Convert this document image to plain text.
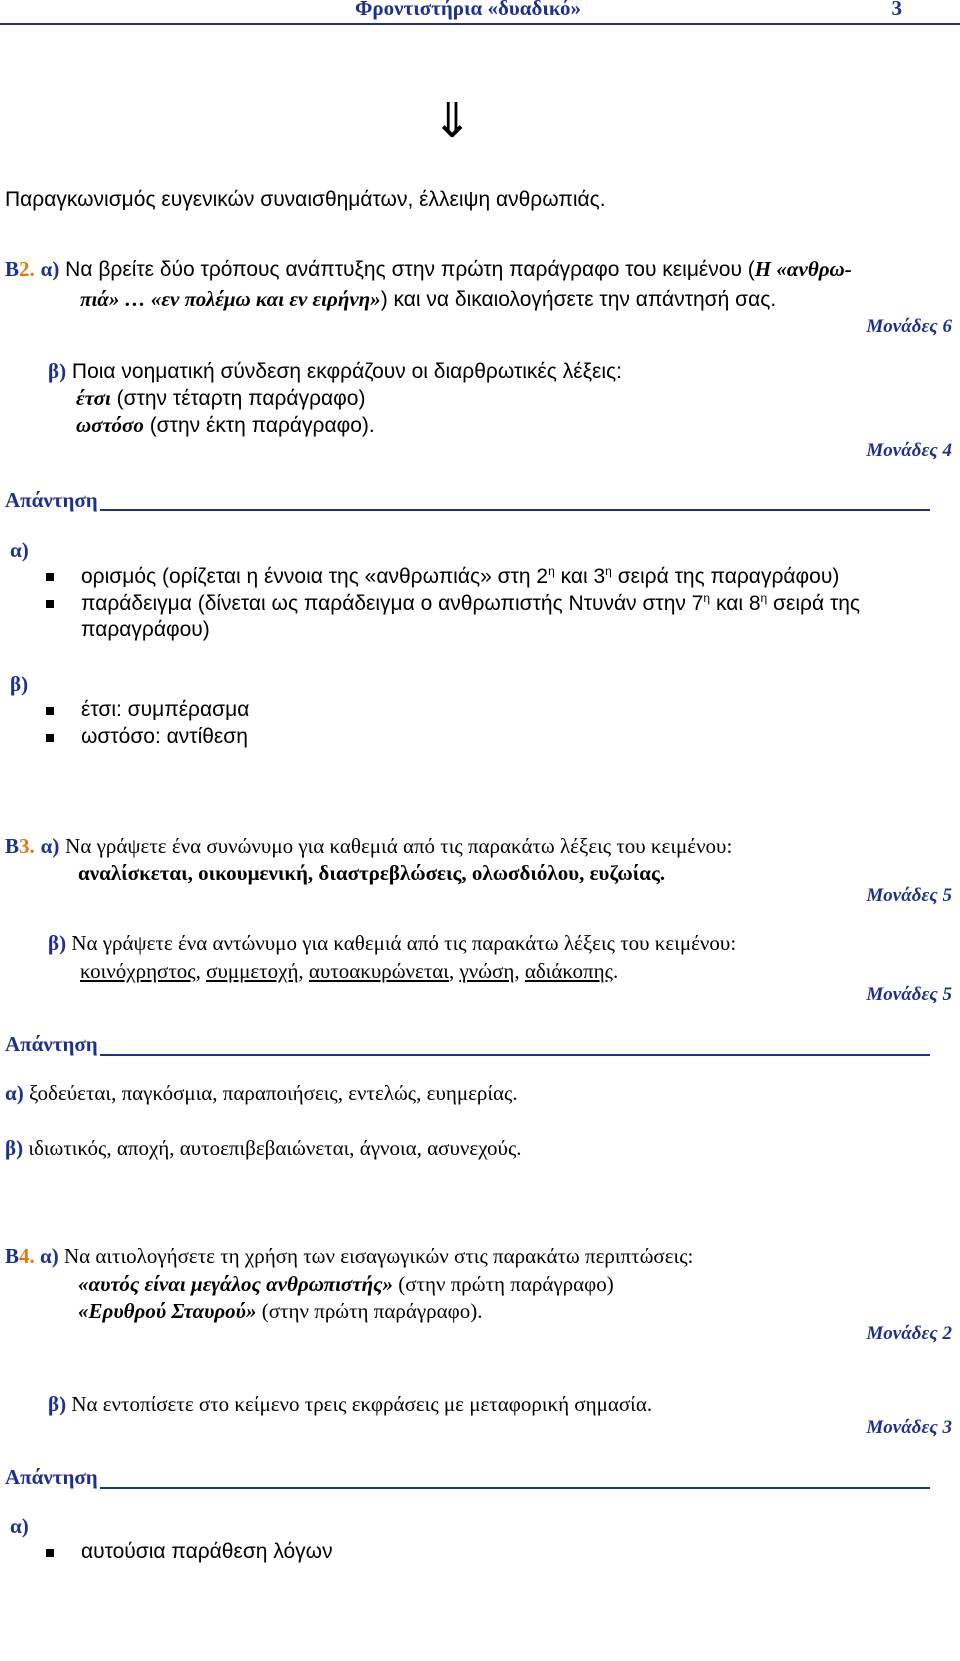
Φροντιστήρια «δυαδικό»	3
⇓
Παραγκωνισμός ευγενικών συναισθημάτων, έλλειψη ανθρωπιάς.
Β2. α) Να βρείτε δύο τρόπους ανάπτυξης στην πρώτη παράγραφο του κειμένου (Η «ανθρω-
πιά» … «εν πολέμω και εν ειρήνη») και να δικαιολογήσετε την απάντησή σας.
Μονάδες 6
β) Ποια νοηματική σύνδεση εκφράζουν οι διαρθρωτικές λέξεις:
έτσι (στην τέταρτη παράγραφο)
ωστόσο (στην έκτη παράγραφο).
Μονάδες 4
Απάντηση
α)
ορισμός (ορίζεται η έννοια της «ανθρωπιάς» στη $2^\eta$ και $3^\eta$ σειρά της παραγράφου)
παράδειγμα (δίνεται ως παράδειγμα ο ανθρωπιστής Ντυνάν στην $7^\eta$ και $8^\eta$ σειρά της
παραγράφου)
β)
έτσι: συμπέρασμα
ωστόσο: αντίθεση
Β3. α) Να γράψετε ένα συνώνυμο για καθεμιά από τις παρακάτω λέξεις του κειμένου:
αναλίσκεται, οικουμενική, διαστρεβλώσεις, ολωσδιόλου, ευζωίας.
Μονάδες 5
β) Να γράψετε ένα αντώνυμο για καθεμιά από τις παρακάτω λέξεις του κειμένου:
κοινόχρηστος, συμμετοχή, αυτοακυρώνεται, γνώση, αδιάκοπης.
Μονάδες 5
Απάντηση
α) ξοδεύεται, παγκόσμια, παραποιήσεις, εντελώς, ευημερίας.
β) ιδιωτικός, αποχή, αυτοεπιβεβαιώνεται, άγνοια, ασυνεχούς.
Β4. α) Να αιτιολογήσετε τη χρήση των εισαγωγικών στις παρακάτω περιπτώσεις:
«αυτός είναι μεγάλος ανθρωπιστής» (στην πρώτη παράγραφο)
«Ερυθρού Σταυρού» (στην πρώτη παράγραφο).
Μονάδες 2
β) Να εντοπίσετε στο κείμενο τρεις εκφράσεις με μεταφορική σημασία.
Μονάδες 3
Απάντηση
α)
αυτούσια παράθεση λόγων
